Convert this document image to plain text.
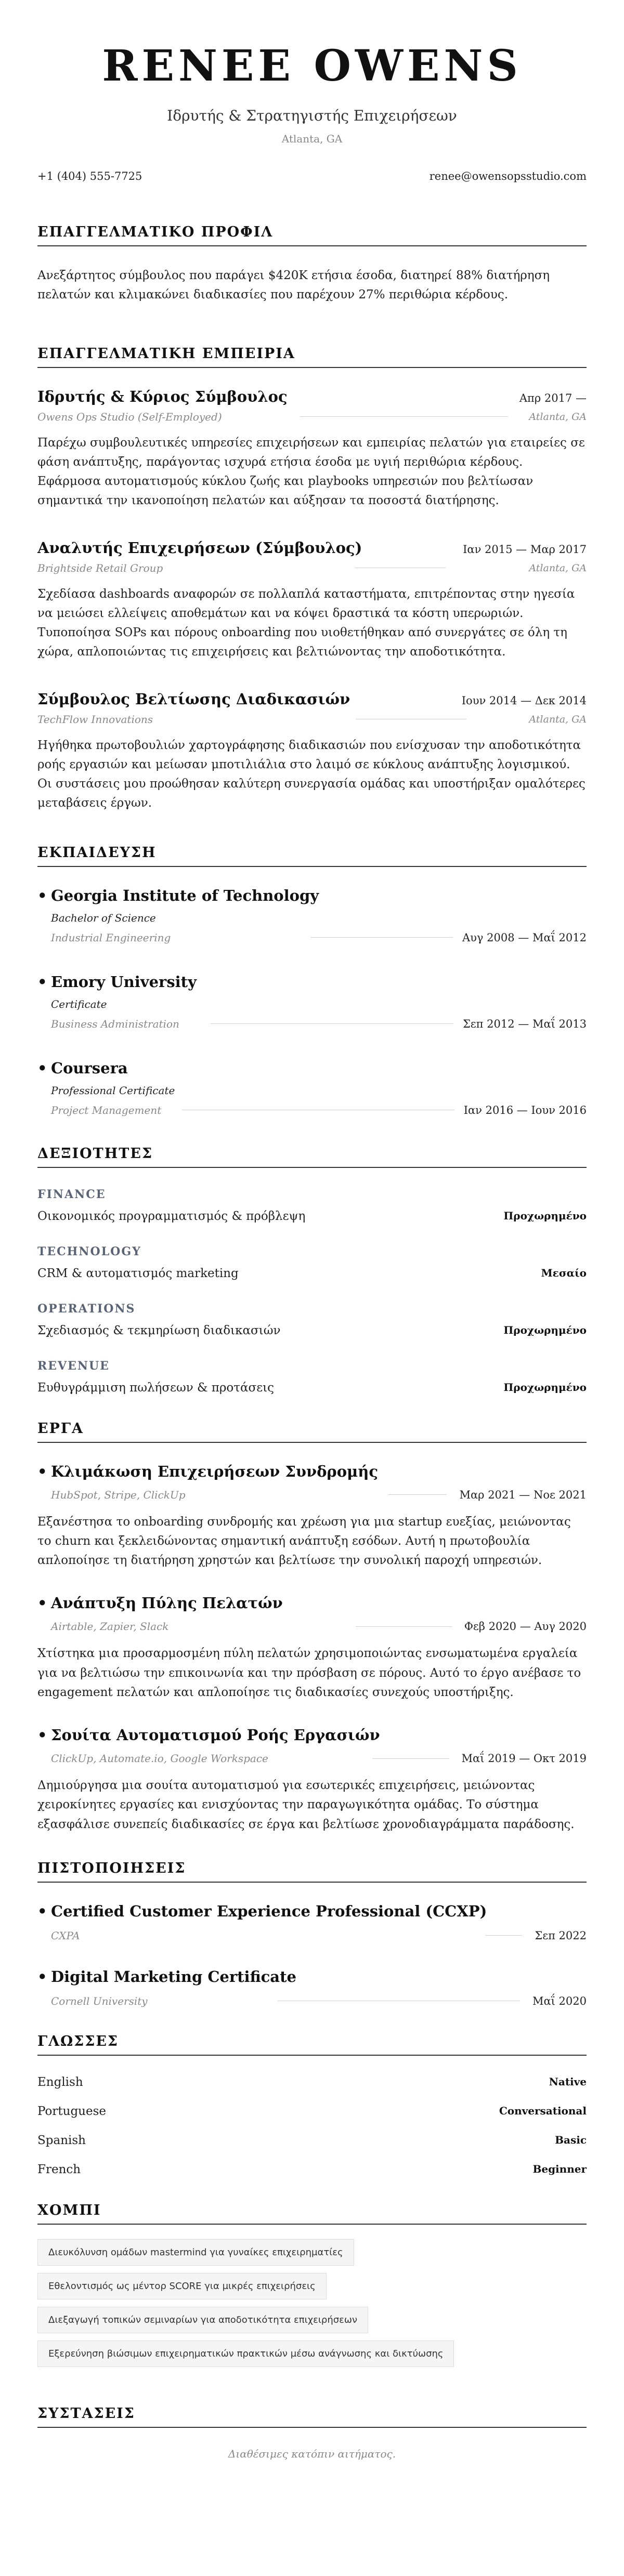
RENEE OWENS
Ιδρυτής & Στρατηγιστής Επιχειρήσεων
Atlanta, GA
+1 (404) 555-7725	renee@owensopsstudio.com
ΕΠΑΓΓΕΛΜΑΤΙΚΟ ΠΡΟΦΙΛ

Ανεξάρτητος σύμβουλος που παράγει $420K ετήσια έσοδα, διατηρεί 88% διατήρηση πελατών και κλιμακώνει διαδικασίες που παρέχουν 27% περιθώρια κέρδους.

ΕΠΑΓΓΕΛΜΑΤΙΚΗ ΕΜΠΕΙΡΙΑ
Ιδρυτής & Κύριος Σύμβουλος	Απρ 2017 —
Owens Ops Studio (Self-Employed)	Atlanta, GA

Παρέχω συμβουλευτικές υπηρεσίες επιχειρήσεων και εμπειρίας πελατών για εταιρείες σε φάση ανάπτυξης, παράγοντας ισχυρά ετήσια έσοδα με υγιή περιθώρια κέρδους. Εφάρμοσα αυτοματισμούς κύκλου ζωής και playbooks υπηρεσιών που βελτίωσαν σημαντικά την ικανοποίηση πελατών και αύξησαν τα ποσοστά διατήρησης.

Αναλυτής Επιχειρήσεων (Σύμβουλος)	Ιαν 2015 — Μαρ 2017
Brightside Retail Group	Atlanta, GA

Σχεδίασα dashboards αναφορών σε πολλαπλά καταστήματα, επιτρέποντας στην ηγεσία να μειώσει ελλείψεις αποθεμάτων και να κόψει δραστικά τα κόστη υπερωριών. Τυποποίησα SOPs και πόρους onboarding που υιοθετήθηκαν από συνεργάτες σε όλη τη χώρα, απλοποιώντας τις επιχειρήσεις και βελτιώνοντας την αποδοτικότητα.

Σύμβουλος Βελτίωσης Διαδικασιών	Ιουν 2014 — Δεκ 2014
TechFlow Innovations	Atlanta, GA

Ηγήθηκα πρωτοβουλιών χαρτογράφησης διαδικασιών που ενίσχυσαν την αποδοτικότητα ροής εργασιών και μείωσαν μποτιλιάλια στο λαιμό σε κύκλους ανάπτυξης λογισμικού. Οι συστάσεις μου προώθησαν καλύτερη συνεργασία ομάδας και υποστήριξαν ομαλότερες μεταβάσεις έργων.

ΕΚΠΑΙΔΕΥΣΗ
• Georgia Institute of Technology
Bachelor of Science
Industrial Engineering	Αυγ 2008 — Μαΐ 2012
• Emory University
Certificate
Business Administration	Σεπ 2012 — Μαΐ 2013
• Coursera
Professional Certificate
Project Management	Ιαν 2016 — Ιουν 2016
ΔΕΞΙΟΤΗΤΕΣ
FINANCE
Οικονομικός προγραμματισμός & πρόβλεψη	Προχωρημένο
TECHNOLOGY
CRM & αυτοματισμός marketing	Μεσαίο
OPERATIONS
Σχεδιασμός & τεκμηρίωση διαδικασιών	Προχωρημένο
REVENUE
Ευθυγράμμιση πωλήσεων & προτάσεις	Προχωρημένο
ΕΡΓΑ
• Κλιμάκωση Επιχειρήσεων Συνδρομής
HubSpot, Stripe, ClickUp	Μαρ 2021 — Νοε 2021

Εξανέστησα το onboarding συνδρομής και χρέωση για μια startup ευεξίας, μειώνοντας το churn και ξεκλειδώνοντας σημαντική ανάπτυξη εσόδων. Αυτή η πρωτοβουλία απλοποίησε τη διατήρηση χρηστών και βελτίωσε την συνολική παροχή υπηρεσιών.

• Ανάπτυξη Πύλης Πελατών
Airtable, Zapier, Slack	Φεβ 2020 — Αυγ 2020

Χτίστηκα μια προσαρμοσμένη πύλη πελατών χρησιμοποιώντας ενσωματωμένα εργαλεία για να βελτιώσω την επικοινωνία και την πρόσβαση σε πόρους. Αυτό το έργο ανέβασε το engagement πελατών και απλοποίησε τις διαδικασίες συνεχούς υποστήριξης.

• Σουίτα Αυτοματισμού Ροής Εργασιών
ClickUp, Automate.io, Google Workspace	Μαΐ 2019 — Οκτ 2019

Δημιούργησα μια σουίτα αυτοματισμού για εσωτερικές επιχειρήσεις, μειώνοντας χειροκίνητες εργασίες και ενισχύοντας την παραγωγικότητα ομάδας. Το σύστημα εξασφάλισε συνεπείς διαδικασίες σε έργα και βελτίωσε χρονοδιαγράμματα παράδοσης.

ΠΙΣΤΟΠΟΙΗΣΕΙΣ
• Certified Customer Experience Professional (CCXP)
CXPA	Σεπ 2022
• Digital Marketing Certificate
Cornell University	Μαΐ 2020
ΓΛΩΣΣΕΣ
English	Native
Portuguese	Conversational
Spanish	Basic
French	Beginner
ΧΟΜΠΙ
Διευκόλυνση ομάδων mastermind για γυναίκες επιχειρηματίες
Εθελοντισμός ως μέντορ SCORE για μικρές επιχειρήσεις
Διεξαγωγή τοπικών σεμιναρίων για αποδοτικότητα επιχειρήσεων
Εξερεύνηση βιώσιμων επιχειρηματικών πρακτικών μέσω ανάγνωσης και δικτύωσης
ΣΥΣΤΑΣΕΙΣ

Διαθέσιμες κατόπιν αιτήματος.
